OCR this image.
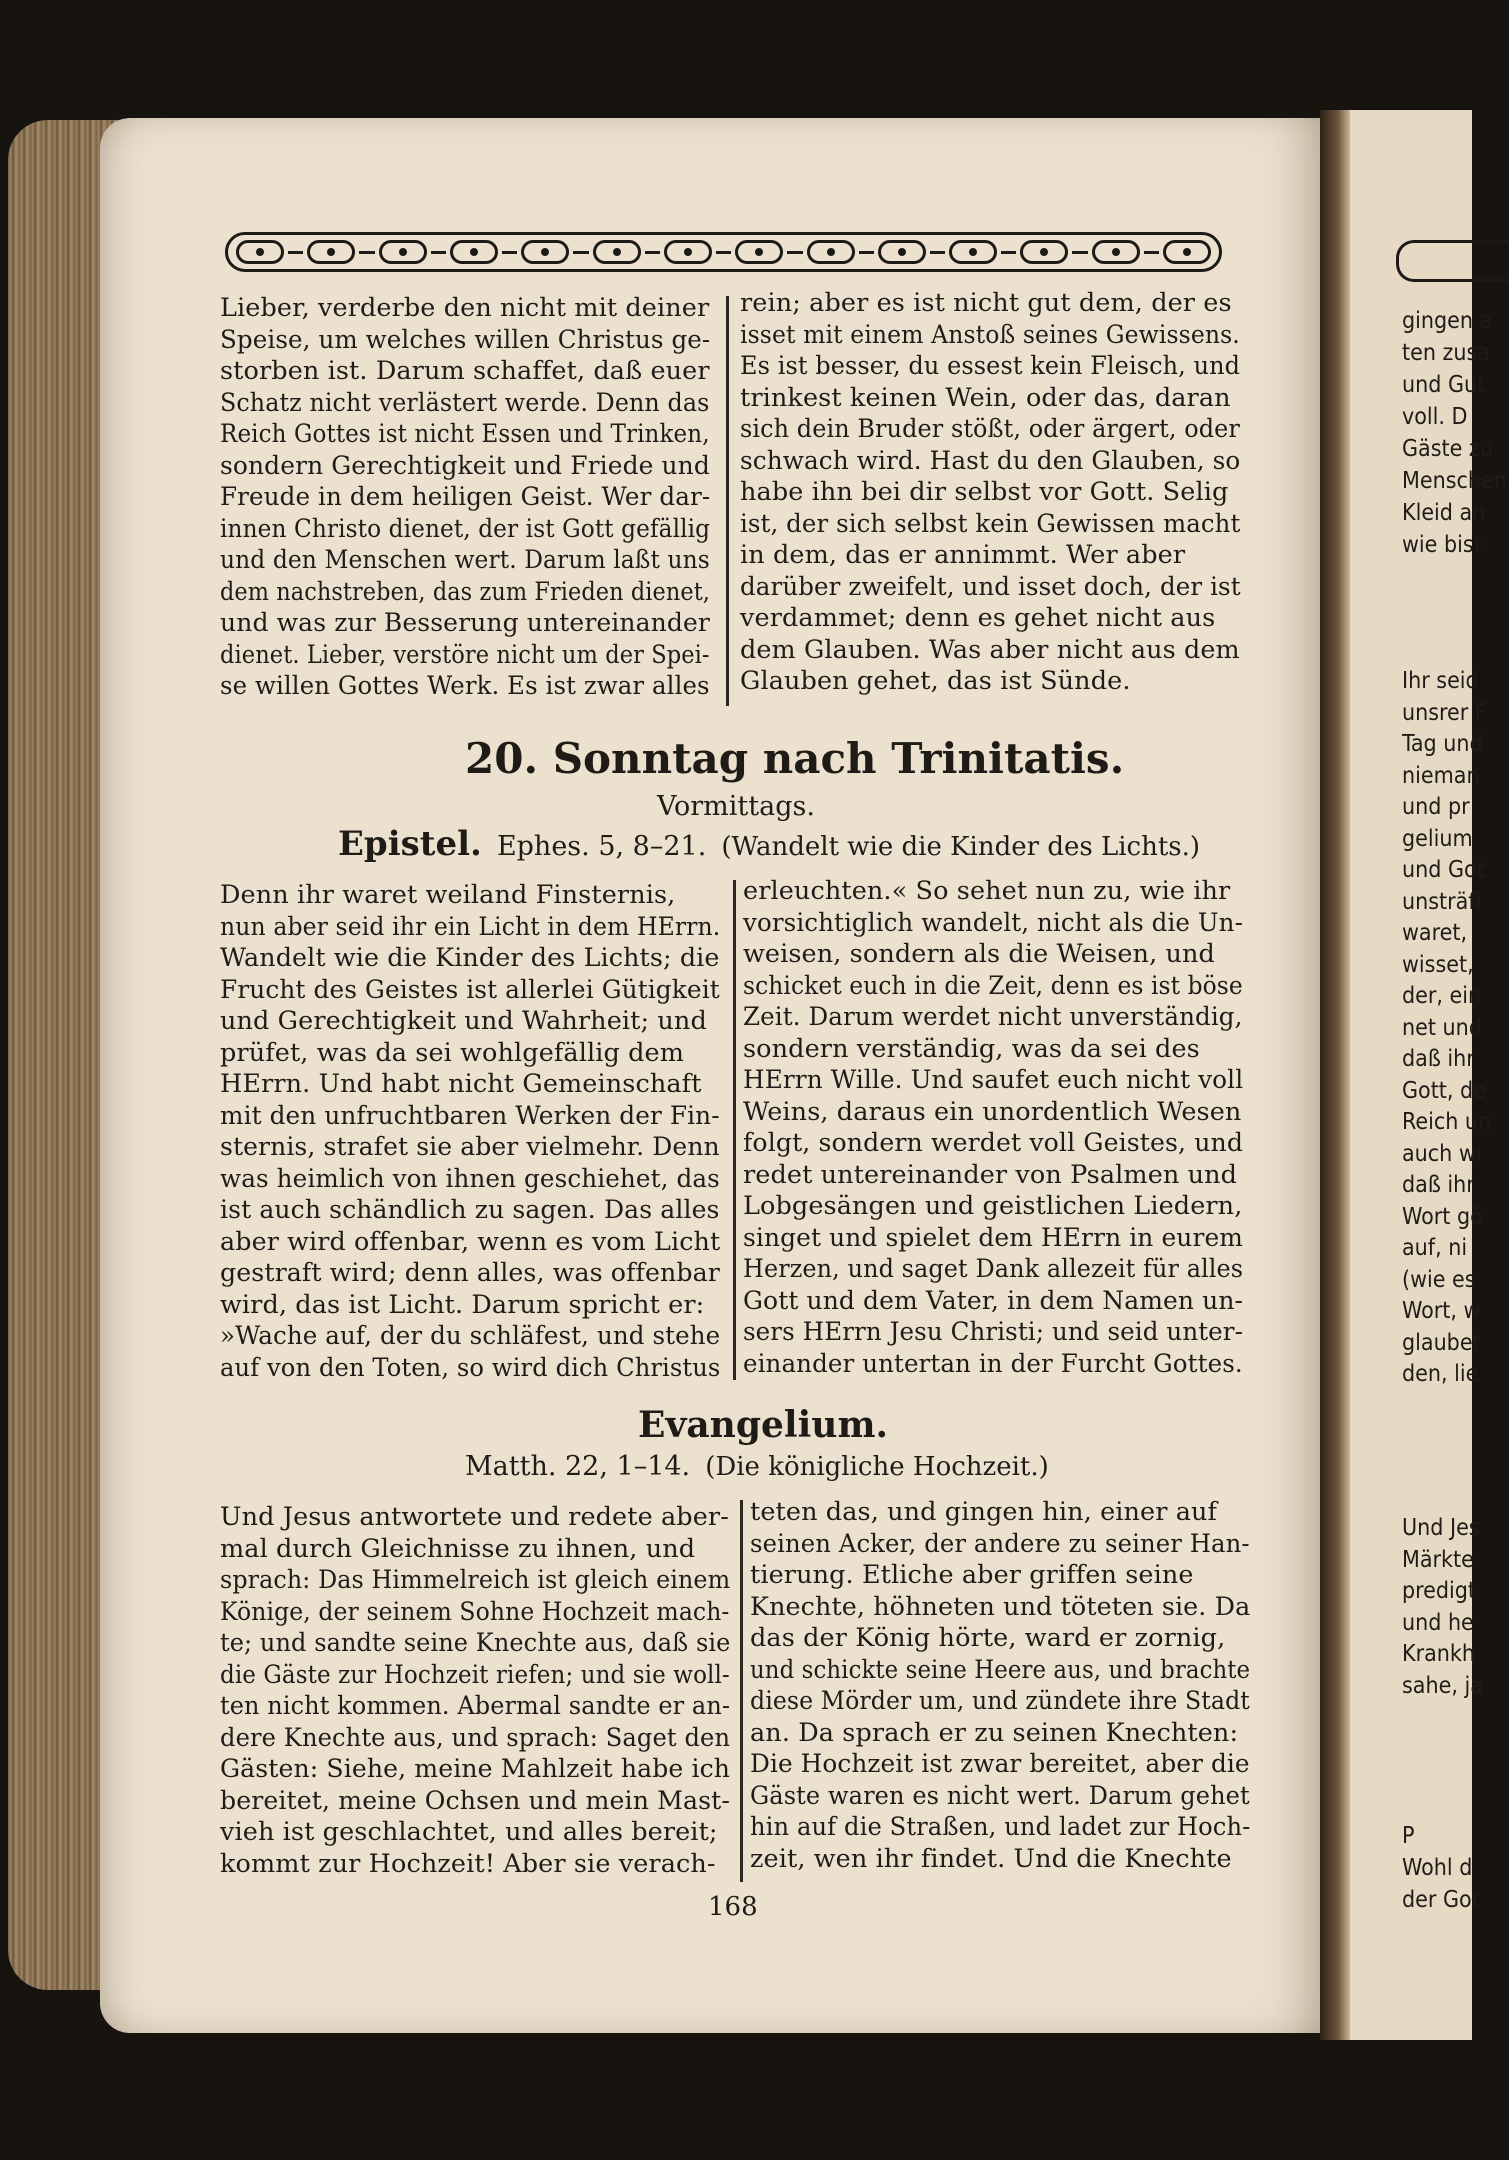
gingen a
ten zusa
und Gut
voll. D
Gäste zu
Menschen
Kleid an
wie bist
Ihr seid
unsrer F
Tag und
nieman
und pr
gelium
und Got
unsträfl
waret,
wisset,
der, ein
net und
daß ihr
Gott, de
Reich un
auch wi
daß ihr,
Wort gö
auf, ni
(wie es
Wort, w
glaubet
den, lie
Und Jes
Märkte
predigt
und he
Krankh
sahe, ja
P
Wohl d
der Got
Lieber, verderbe den nicht mit deiner
Speise, um welches willen Christus ge-
storben ist. Darum schaffet, daß euer
Schatz nicht verlästert werde. Denn das
Reich Gottes ist nicht Essen und Trinken,
sondern Gerechtigkeit und Friede und
Freude in dem heiligen Geist. Wer dar-
innen Christo dienet, der ist Gott gefällig
und den Menschen wert. Darum laßt uns
dem nachstreben, das zum Frieden dienet,
und was zur Besserung untereinander
dienet. Lieber, verstöre nicht um der Spei-
se willen Gottes Werk. Es ist zwar alles
rein; aber es ist nicht gut dem, der es
isset mit einem Anstoß seines Gewissens.
Es ist besser, du essest kein Fleisch, und
trinkest keinen Wein, oder das, daran
sich dein Bruder stößt, oder ärgert, oder
schwach wird. Hast du den Glauben, so
habe ihn bei dir selbst vor Gott. Selig
ist, der sich selbst kein Gewissen macht
in dem, das er annimmt. Wer aber
darüber zweifelt, und isset doch, der ist
verdammet; denn es gehet nicht aus
dem Glauben. Was aber nicht aus dem
Glauben gehet, das ist Sünde.
20. Sonntag nach Trinitatis.
Vormittags.
Epistel. Ephes. 5, 8–21. (Wandelt wie die Kinder des Lichts.)
Denn ihr waret weiland Finsternis,
nun aber seid ihr ein Licht in dem HErrn.
Wandelt wie die Kinder des Lichts; die
Frucht des Geistes ist allerlei Gütigkeit
und Gerechtigkeit und Wahrheit; und
prüfet, was da sei wohlgefällig dem
HErrn. Und habt nicht Gemeinschaft
mit den unfruchtbaren Werken der Fin-
sternis, strafet sie aber vielmehr. Denn
was heimlich von ihnen geschiehet, das
ist auch schändlich zu sagen. Das alles
aber wird offenbar, wenn es vom Licht
gestraft wird; denn alles, was offenbar
wird, das ist Licht. Darum spricht er:
»Wache auf, der du schläfest, und stehe
auf von den Toten, so wird dich Christus
erleuchten.« So sehet nun zu, wie ihr
vorsichtiglich wandelt, nicht als die Un-
weisen, sondern als die Weisen, und
schicket euch in die Zeit, denn es ist böse
Zeit. Darum werdet nicht unverständig,
sondern verständig, was da sei des
HErrn Wille. Und saufet euch nicht voll
Weins, daraus ein unordentlich Wesen
folgt, sondern werdet voll Geistes, und
redet untereinander von Psalmen und
Lobgesängen und geistlichen Liedern,
singet und spielet dem HErrn in eurem
Herzen, und saget Dank allezeit für alles
Gott und dem Vater, in dem Namen un-
sers HErrn Jesu Christi; und seid unter-
einander untertan in der Furcht Gottes.
Evangelium.
Matth. 22, 1–14. (Die königliche Hochzeit.)
Und Jesus antwortete und redete aber-
mal durch Gleichnisse zu ihnen, und
sprach: Das Himmelreich ist gleich einem
Könige, der seinem Sohne Hochzeit mach-
te; und sandte seine Knechte aus, daß sie
die Gäste zur Hochzeit riefen; und sie woll-
ten nicht kommen. Abermal sandte er an-
dere Knechte aus, und sprach: Saget den
Gästen: Siehe, meine Mahlzeit habe ich
bereitet, meine Ochsen und mein Mast-
vieh ist geschlachtet, und alles bereit;
kommt zur Hochzeit! Aber sie verach-
teten das, und gingen hin, einer auf
seinen Acker, der andere zu seiner Han-
tierung. Etliche aber griffen seine
Knechte, höhneten und töteten sie. Da
das der König hörte, ward er zornig,
und schickte seine Heere aus, und brachte
diese Mörder um, und zündete ihre Stadt
an. Da sprach er zu seinen Knechten:
Die Hochzeit ist zwar bereitet, aber die
Gäste waren es nicht wert. Darum gehet
hin auf die Straßen, und ladet zur Hoch-
zeit, wen ihr findet. Und die Knechte
168
